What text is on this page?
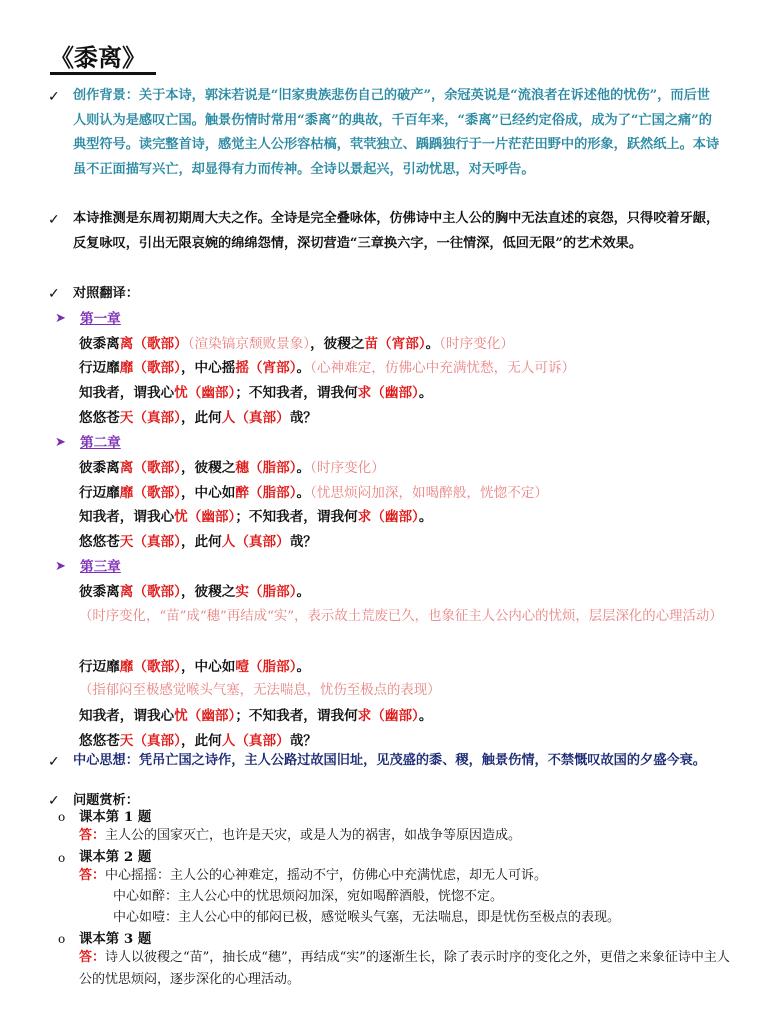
《黍离》
✓ 创作背景：关于本诗，郭沫若说是“旧家贵族悲伤自己的破产”，余冠英说是“流浪者在诉述他的忧伤”，而后世人则认为是感叹亡国。触景伤情时常用“黍离”的典故，千百年来，“黍离”已经约定俗成，成为了“亡国之痛”的典型符号。读完整首诗，感觉主人公形容枯槁，茕茕独立、踽踽独行于一片茫茫田野中的形象，跃然纸上。本诗虽不正面描写兴亡，却显得有力而传神。全诗以景起兴，引动忧思，对天呼告。
✓ 本诗推测是东周初期周大夫之作。全诗是完全叠咏体，仿佛诗中主人公的胸中无法直述的哀怨，只得咬着牙龈，反复咏叹，引出无限哀婉的绵绵怨情，深切营造“三章换六字，一往情深，低回无限”的艺术效果。
✓ 对照翻译：
➤ 第一章
彼黍离离（歌部）（渲染镐京颓败景象），彼稷之苗（宵部）。（时序变化）
行迈靡靡（歌部），中心摇摇（宵部）。（心神难定，仿佛心中充满忧愁，无人可诉）
知我者，谓我心忧（幽部）；不知我者，谓我何求（幽部）。
悠悠苍天（真部），此何人（真部）哉？
➤ 第二章
彼黍离离（歌部），彼稷之穗（脂部）。（时序变化）
行迈靡靡（歌部），中心如醉（脂部）。（忧思烦闷加深，如喝醉般，恍惚不定）
知我者，谓我心忧（幽部）；不知我者，谓我何求（幽部）。
悠悠苍天（真部），此何人（真部）哉？
➤ 第三章
彼黍离离（歌部），彼稷之实（脂部）。
（时序变化，“苗”成“穗”再结成“实”，表示故土荒废已久，也象征主人公内心的忧烦，层层深化的心理活动）
行迈靡靡（歌部），中心如噎（脂部）。
（指郁闷至极感觉喉头气塞，无法喘息，忧伤至极点的表现）
知我者，谓我心忧（幽部）；不知我者，谓我何求（幽部）。
悠悠苍天（真部），此何人（真部）哉？
✓ 中心思想：凭吊亡国之诗作，主人公路过故国旧址，见茂盛的黍、稷，触景伤情，不禁慨叹故国的夕盛今衰。
✓ 问题赏析：
o 课本第 1 题
答：主人公的国家灭亡，也许是天灾，或是人为的祸害，如战争等原因造成。
o 课本第 2 题
答：中心摇摇：主人公的心神难定，摇动不宁，仿佛心中充满忧虑，却无人可诉。
中心如醉：主人公心中的忧思烦闷加深，宛如喝醉酒般，恍惚不定。
中心如噎：主人公心中的郁闷已极，感觉喉头气塞，无法喘息，即是忧伤至极点的表现。
o 课本第 3 题
答：诗人以彼稷之“苗”，抽长成“穗”，再结成“实”的逐渐生长，除了表示时序的变化之外，更借之来象征诗中主人公的忧思烦闷，逐步深化的心理活动。
